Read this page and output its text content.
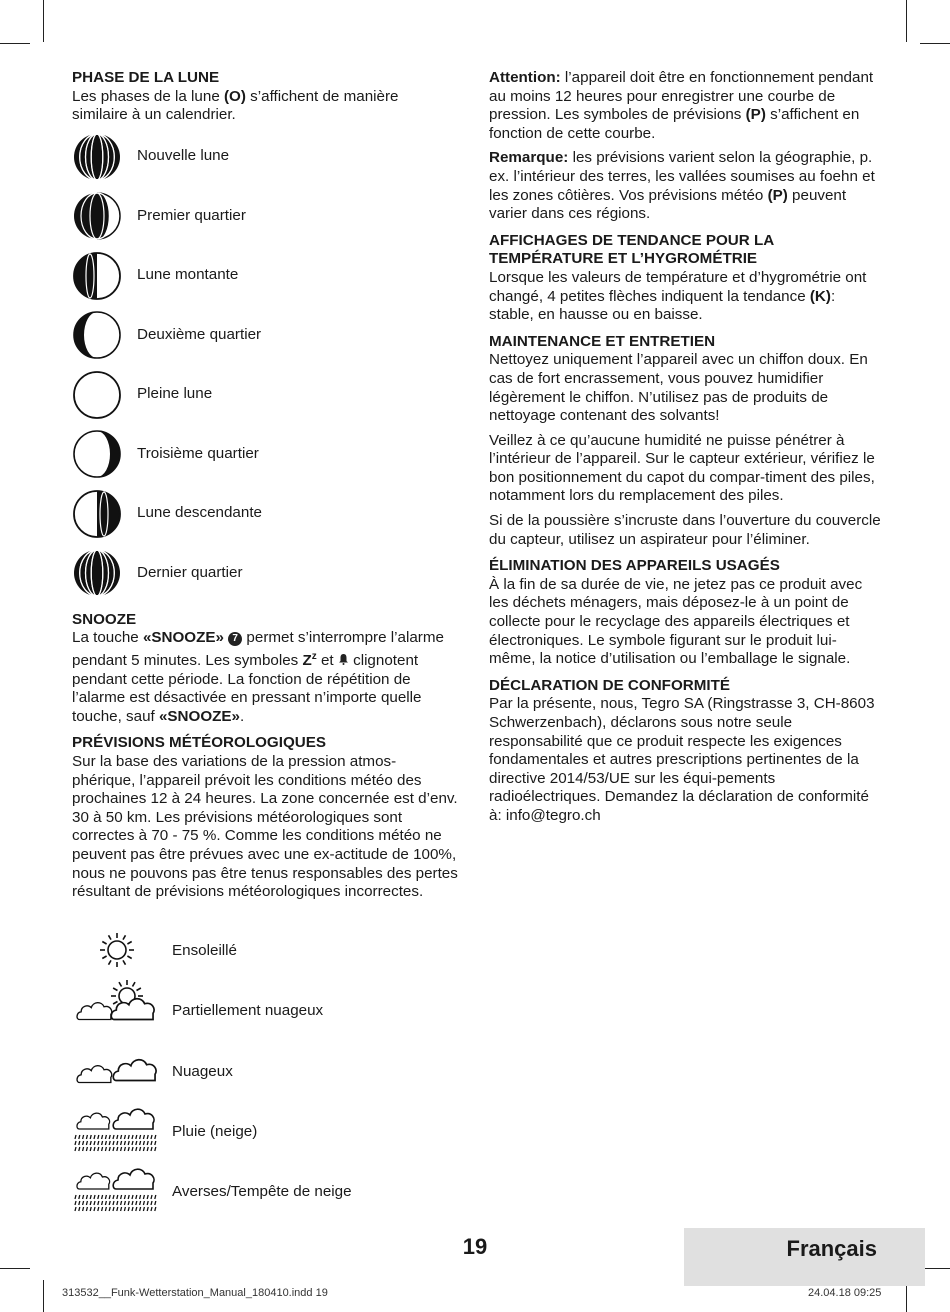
PHASE DE LA LUNE

Les phases de la lune (O) s’affichent de manière similaire à un calendrier.

Nouvelle lune
Premier quartier
Lune montante
Deuxième quartier
Pleine lune
Troisième quartier
Lune descendante
Dernier quartier
SNOOZE

La touche «SNOOZE» 7 permet s’interrompre l’alarme pendant 5 minutes. Les symboles $Z^z$ et  clignotent pendant cette période. La fonction de répétition de l’alarme est désactivée en pressant n’importe quelle touche, sauf «SNOOZE».

PRÉVISIONS MÉTÉOROLOGIQUES

Sur la base des variations de la pression atmos-phérique, l’appareil prévoit les conditions météo des prochaines 12 à 24 heures. La zone concernée est d’env. 30 à 50 km. Les prévisions météorologiques sont correctes à 70 - 75 %. Comme les conditions météo ne peuvent pas être prévues avec une ex-actitude de 100%, nous ne pouvons pas être tenus responsables des pertes résultant de prévisions météorologiques incorrectes.

Ensoleillé
Partiellement nuageux
Nuageux
Pluie (neige)
Averses/Tempête de neige

Attention: l’appareil doit être en fonctionnement pendant au moins 12 heures pour enregistrer une courbe de pression. Les symboles de prévisions (P) s’affichent en fonction de cette courbe.

Remarque: les prévisions varient selon la géographie, p. ex. l’intérieur des terres, les vallées soumises au foehn et les zones côtières. Vos prévisions météo (P) peuvent varier dans ces régions.

AFFICHAGES DE TENDANCE POUR LA TEMPÉRATURE ET L’HYGROMÉTRIE

Lorsque les valeurs de température et d’hygrométrie ont changé, 4 petites flèches indiquent la tendance (K): stable, en hausse ou en baisse.

MAINTENANCE ET ENTRETIEN

Nettoyez uniquement l’appareil avec un chiffon doux. En cas de fort encrassement, vous pouvez humidifier légèrement le chiffon. N’utilisez pas de produits de nettoyage contenant des solvants!

Veillez à ce qu’aucune humidité ne puisse pénétrer à l’intérieur de l’appareil. Sur le capteur extérieur, vérifiez le bon positionnement du capot du compar-timent des piles, notamment lors du remplacement des piles.

Si de la poussière s’incruste dans l’ouverture du couvercle du capteur, utilisez un aspirateur pour l’éliminer.

ÉLIMINATION DES APPAREILS USAGÉS

À la fin de sa durée de vie, ne jetez pas ce produit avec les déchets ménagers, mais déposez-le à un point de collecte pour le recyclage des appareils électriques et électroniques. Le symbole figurant sur le produit lui-même, la notice d’utilisation ou l’emballage le signale.

DÉCLARATION DE CONFORMITÉ

Par la présente, nous, Tegro SA (Ringstrasse 3, CH-8603 Schwerzenbach), déclarons sous notre seule responsabilité que ce produit respecte les exigences fondamentales et autres prescriptions pertinentes de la directive 2014/53/UE sur les équi-pements radioélectriques. Demandez la déclaration de conformité à: info@tegro.ch

19	Français
313532__Funk-Wetterstation_Manual_180410.indd 19	24.04.18 09:25
